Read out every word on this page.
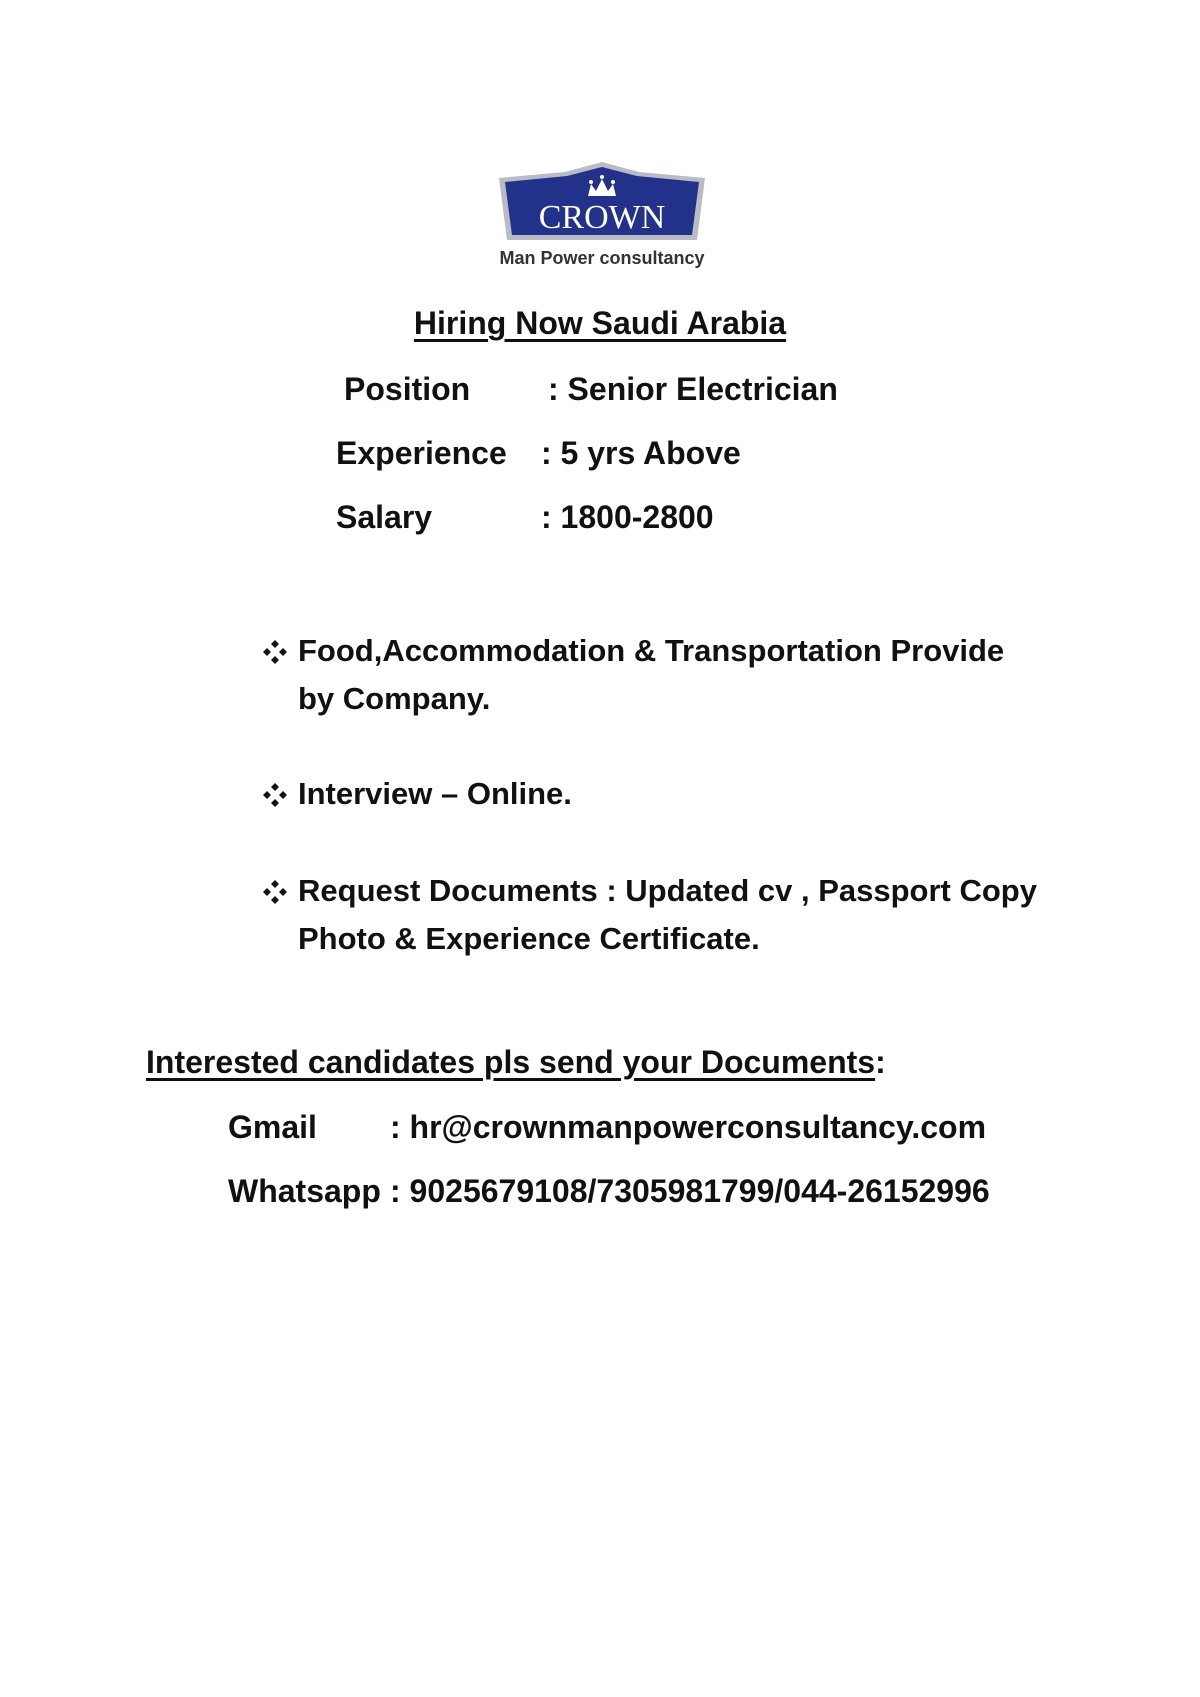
CROWN
Man Power consultancy
Hiring Now Saudi Arabia
Position : Senior Electrician
Experience : 5 yrs Above
Salary	: 1800-2800
Food,Accommodation & Transportation Provide
by Company.
Interview – Online.
Request Documents : Updated cv , Passport Copy
Photo & Experience Certificate.
Interested candidates pls send your Documents:
Gmail : hr@crownmanpowerconsultancy.com
Whatsapp : 9025679108/7305981799/044-26152996
